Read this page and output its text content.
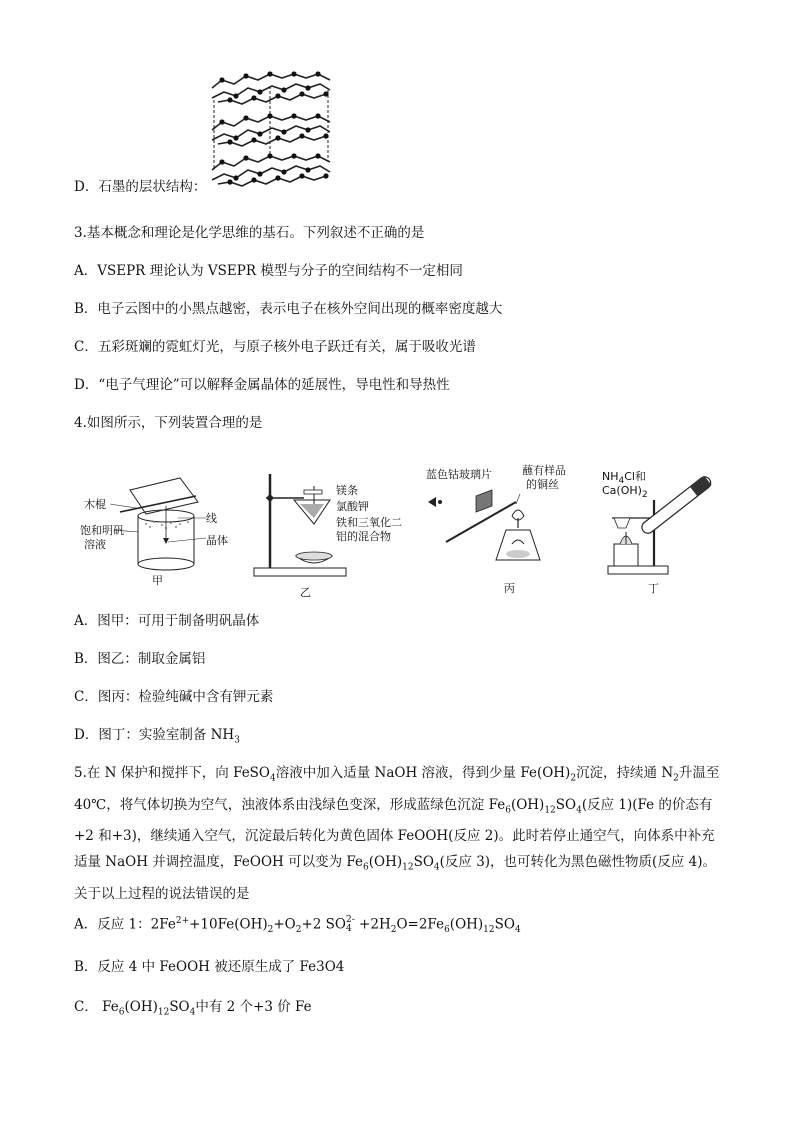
D．石墨的层状结构：
3.基本概念和理论是化学思维的基石。下列叙述不正确的是
A．VSEPR 理论认为 VSEPR 模型与分子的空间结构不一定相同
B．电子云图中的小黑点越密，表示电子在核外空间出现的概率密度越大
C．五彩斑斓的霓虹灯光，与原子核外电子跃迁有关，属于吸收光谱
D．“电子气理论”可以解释金属晶体的延展性，导电性和导热性
4.如图所示，下列装置合理的是
木棍
线
晶体
饱和明矾
溶液
甲
镁条
氯酸钾
铁和三氧化二
铝的混合物
乙
蓝色钴玻璃片	蘸有样品
的铜丝
丙
$NH_4Cl$和
$Ca(OH)_2$
丁
A．图甲：可用于制备明矾晶体
B．图乙：制取金属铝
C．图丙：检验纯碱中含有钾元素
D．图丁：实验室制备 $NH_3$
5.在 N 保护和搅拌下，向 FeSO$_4$溶液中加入适量 NaOH 溶液，得到少量 $Fe(OH)_2$沉淀，持续通 $N_2$升温至 40℃，将气体切换为空气，浊液体系由浅绿色变深，形成蓝绿色沉淀 $Fe_6(OH)_{12}SO_4$(反应 1)(Fe 的价态有+2 和+3)，继续通入空气，沉淀最后转化为黄色固体 FeOOH(反应 2)。此时若停止通空气，向体系中补充适量 NaOH 并调控温度，FeOOH 可以变为 $Fe_6(OH)_{12}SO_4$(反应 3)，也可转化为黑色磁性物质(反应 4)。关于以上过程的说法错误的是
A．反应 1：$2Fe^{2+}+10Fe(OH)_2+O_2+2$ SO 2-
$4 +2H_2O=2Fe_6(OH)_{12}SO_4$
B．反应 4 中 FeOOH 被还原生成了 Fe3O4
C． $Fe_6(OH)_{12}SO_4$中有 2 个+3 价 Fe
